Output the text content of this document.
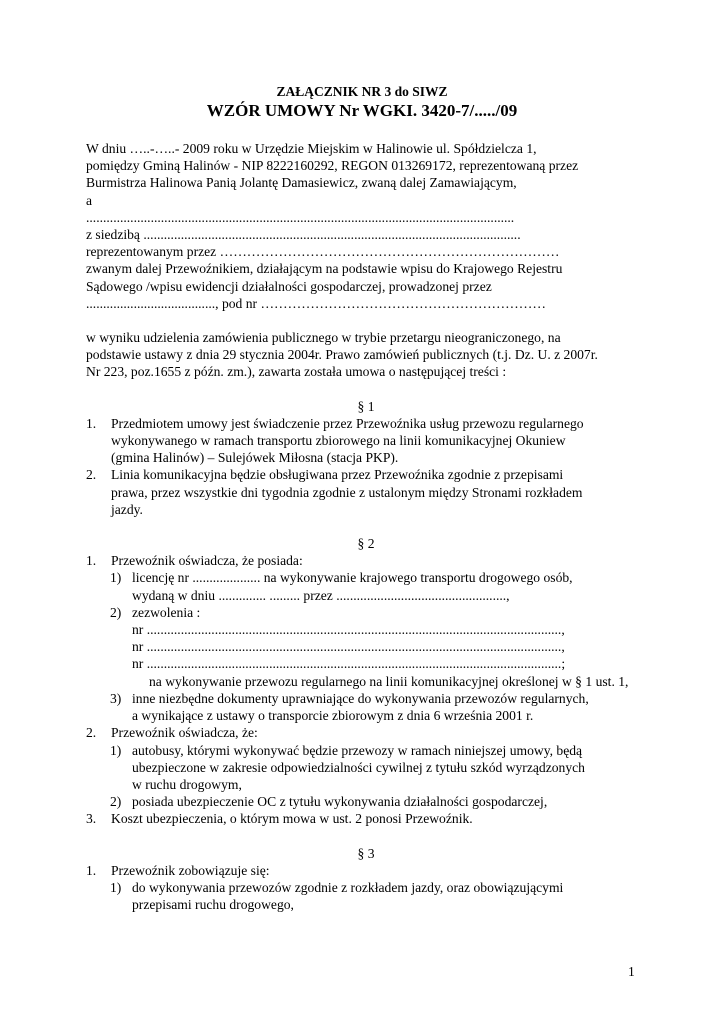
ZAŁĄCZNIK NR 3 do SIWZ
WZÓR UMOWY Nr WGKI. 3420-7/...../09

W dniu …..-…..- 2009 roku w Urzędzie Miejskim w Halinowie ul. Spółdzielcza 1,

pomiędzy Gminą Halinów - NIP 8222160292, REGON 013269172, reprezentowaną przez

Burmistrza Halinowa Panią Jolantę Damasiewicz, zwaną dalej Zamawiającym,

a

..............................................................................................................................

z siedzibą ...............................................................................................................

reprezentowanym przez …………………………………………………………………

zwanym dalej Przewoźnikiem, działającym na podstawie wpisu do Krajowego Rejestru

Sądowego /wpisu ewidencji działalności gospodarczej, prowadzonej przez

......................................, pod nr ………………………………………………………

w wyniku udzielenia zamówienia publicznego w trybie przetargu nieograniczonego, na

podstawie ustawy z dnia 29 stycznia 2004r. Prawo zamówień publicznych (t.j. Dz. U. z 2007r.

Nr 223, poz.1655 z późn. zm.), zawarta została umowa o następującej treści :

§ 1

1. Przedmiotem umowy jest świadczenie przez Przewoźnika usług przewozu regularnego

wykonywanego w ramach transportu zbiorowego na linii komunikacyjnej Okuniew

(gmina Halinów) – Sulejówek Miłosna (stacja PKP).

2. Linia komunikacyjna będzie obsługiwana przez Przewoźnika zgodnie z przepisami

prawa, przez wszystkie dni tygodnia zgodnie z ustalonym między Stronami rozkładem

jazdy.

§ 2

1. Przewoźnik oświadcza, że posiada:

1) licencję nr .................... na wykonywanie krajowego transportu drogowego osób,

wydaną w dniu .............. ......... przez ..................................................,

2) zezwolenia :

nr ..........................................................................................................................,

nr ..........................................................................................................................,

nr ..........................................................................................................................;

na wykonywanie przewozu regularnego na linii komunikacyjnej określonej w § 1 ust. 1,

3) inne niezbędne dokumenty uprawniające do wykonywania przewozów regularnych,

a wynikające z ustawy o transporcie zbiorowym z dnia 6 września 2001 r.

2. Przewoźnik oświadcza, że:

1) autobusy, którymi wykonywać będzie przewozy w ramach niniejszej umowy, będą

ubezpieczone w zakresie odpowiedzialności cywilnej z tytułu szkód wyrządzonych

w ruchu drogowym,

2) posiada ubezpieczenie OC z tytułu wykonywania działalności gospodarczej,

3. Koszt ubezpieczenia, o którym mowa w ust. 2 ponosi Przewoźnik.

§ 3

1. Przewoźnik zobowiązuje się:

1) do wykonywania przewozów zgodnie z rozkładem jazdy, oraz obowiązującymi

przepisami ruchu drogowego,

1
